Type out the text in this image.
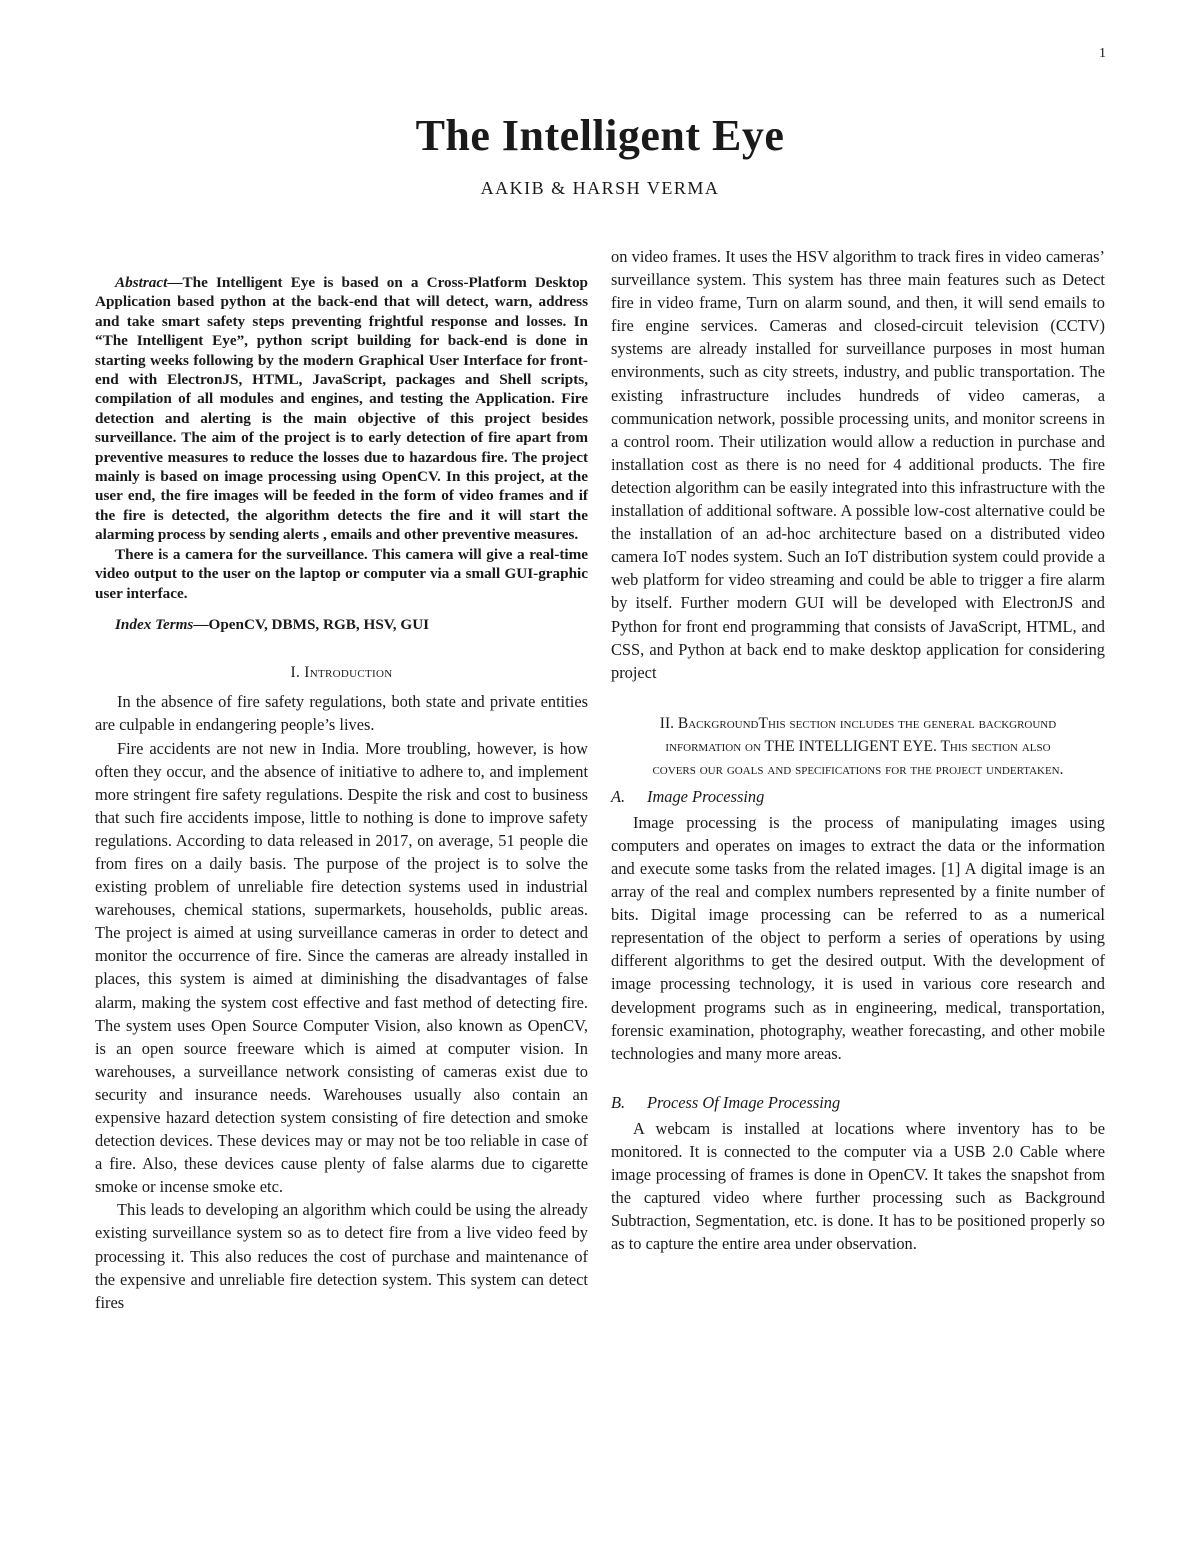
1
The Intelligent Eye
AAKIB & HARSH VERMA

Abstract—The Intelligent Eye is based on a Cross-Platform Desktop Application based python at the back-end that will detect, warn, address and take smart safety steps preventing frightful response and losses. In “The Intelligent Eye”, python script building for back-end is done in starting weeks following by the modern Graphical User Interface for front-end with ElectronJS, HTML, JavaScript, packages and Shell scripts, compilation of all modules and engines, and testing the Application. Fire detection and alerting is the main objective of this project besides surveillance. The aim of the project is to early detection of fire apart from preventive measures to reduce the losses due to hazardous fire. The project mainly is based on image processing using OpenCV. In this project, at the user end, the fire images will be feeded in the form of video frames and if the fire is detected, the algorithm detects the fire and it will start the alarming process by sending alerts , emails and other preventive measures.

There is a camera for the surveillance. This camera will give a real-time video output to the user on the laptop or computer via a small GUI-graphic user interface.

Index Terms—OpenCV, DBMS, RGB, HSV, GUI

I. Introduction

In the absence of fire safety regulations, both state and private entities are culpable in endangering people’s lives.

Fire accidents are not new in India. More troubling, however, is how often they occur, and the absence of initiative to adhere to, and implement more stringent fire safety regulations. Despite the risk and cost to business that such fire accidents impose, little to nothing is done to improve safety regulations. According to data released in 2017, on average, 51 people die from fires on a daily basis. The purpose of the project is to solve the existing problem of unreliable fire detection systems used in industrial warehouses, chemical stations, supermarkets, households, public areas. The project is aimed at using surveillance cameras in order to detect and monitor the occurrence of fire. Since the cameras are already installed in places, this system is aimed at diminishing the disadvantages of false alarm, making the system cost effective and fast method of detecting fire. The system uses Open Source Computer Vision, also known as OpenCV, is an open source freeware which is aimed at computer vision. In warehouses, a surveillance network consisting of cameras exist due to security and insurance needs. Warehouses usually also contain an expensive hazard detection system consisting of fire detection and smoke detection devices. These devices may or may not be too reliable in case of a fire. Also, these devices cause plenty of false alarms due to cigarette smoke or incense smoke etc.

This leads to developing an algorithm which could be using the already existing surveillance system so as to detect fire from a live video feed by processing it. This also reduces the cost of purchase and maintenance of the expensive and unreliable fire detection system. This system can detect fires

on video frames. It uses the HSV algorithm to track fires in video cameras’ surveillance system. This system has three main features such as Detect fire in video frame, Turn on alarm sound, and then, it will send emails to fire engine services. Cameras and closed-circuit television (CCTV) systems are already installed for surveillance purposes in most human environments, such as city streets, industry, and public transportation. The existing infrastructure includes hundreds of video cameras, a communication network, possible processing units, and monitor screens in a control room. Their utilization would allow a reduction in purchase and installation cost as there is no need for 4 additional products. The fire detection algorithm can be easily integrated into this infrastructure with the installation of additional software. A possible low-cost alternative could be the installation of an ad-hoc architecture based on a distributed video camera IoT nodes system. Such an IoT distribution system could provide a web platform for video streaming and could be able to trigger a fire alarm by itself. Further modern GUI will be developed with ElectronJS and Python for front end programming that consists of JavaScript, HTML, and CSS, and Python at back end to make desktop application for considering project

II. BackgroundThis section includes the general background information on THE INTELLIGENT EYE. This section also covers our goals and specifications for the project undertaken.
A. Image Processing

Image processing is the process of manipulating images using computers and operates on images to extract the data or the information and execute some tasks from the related images. [1] A digital image is an array of the real and complex numbers represented by a finite number of bits. Digital image processing can be referred to as a numerical representation of the object to perform a series of operations by using different algorithms to get the desired output. With the development of image processing technology, it is used in various core research and development programs such as in engineering, medical, transportation, forensic examination, photography, weather forecasting, and other mobile technologies and many more areas.

B. Process Of Image Processing

A webcam is installed at locations where inventory has to be monitored. It is connected to the computer via a USB 2.0 Cable where image processing of frames is done in OpenCV. It takes the snapshot from the captured video where further processing such as Background Subtraction, Segmentation, etc. is done. It has to be positioned properly so as to capture the entire area under observation.
